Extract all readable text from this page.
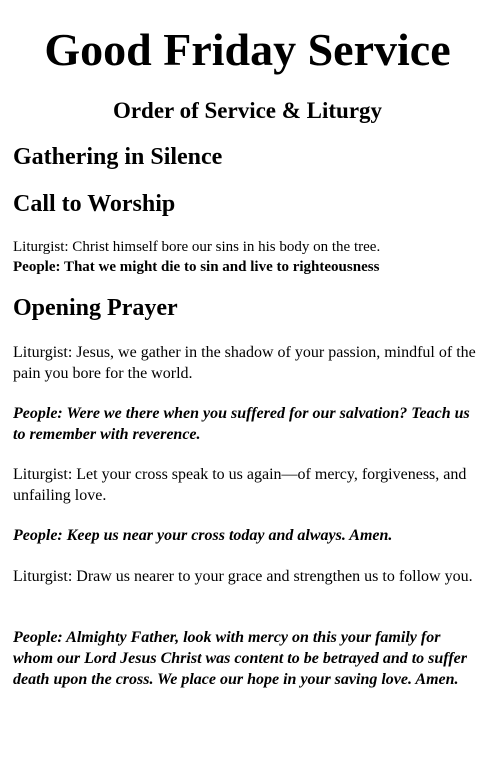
Good Friday Service
Order of Service & Liturgy
Gathering in Silence
Call to Worship

Liturgist: Christ himself bore our sins in his body on the tree.

People: That we might die to sin and live to righteousness

Opening Prayer

Liturgist: Jesus, we gather in the shadow of your passion, mindful of the pain you bore for the world.

People: Were we there when you suffered for our salvation? Teach us to remember with reverence.

Liturgist: Let your cross speak to us again—of mercy, forgiveness, and unfailing love.

People: Keep us near your cross today and always. Amen.

Liturgist: Draw us nearer to your grace and strengthen us to follow you.

People: Almighty Father, look with mercy on this your family for whom our Lord Jesus Christ was content to be betrayed and to suffer death upon the cross. We place our hope in your saving love. Amen.
